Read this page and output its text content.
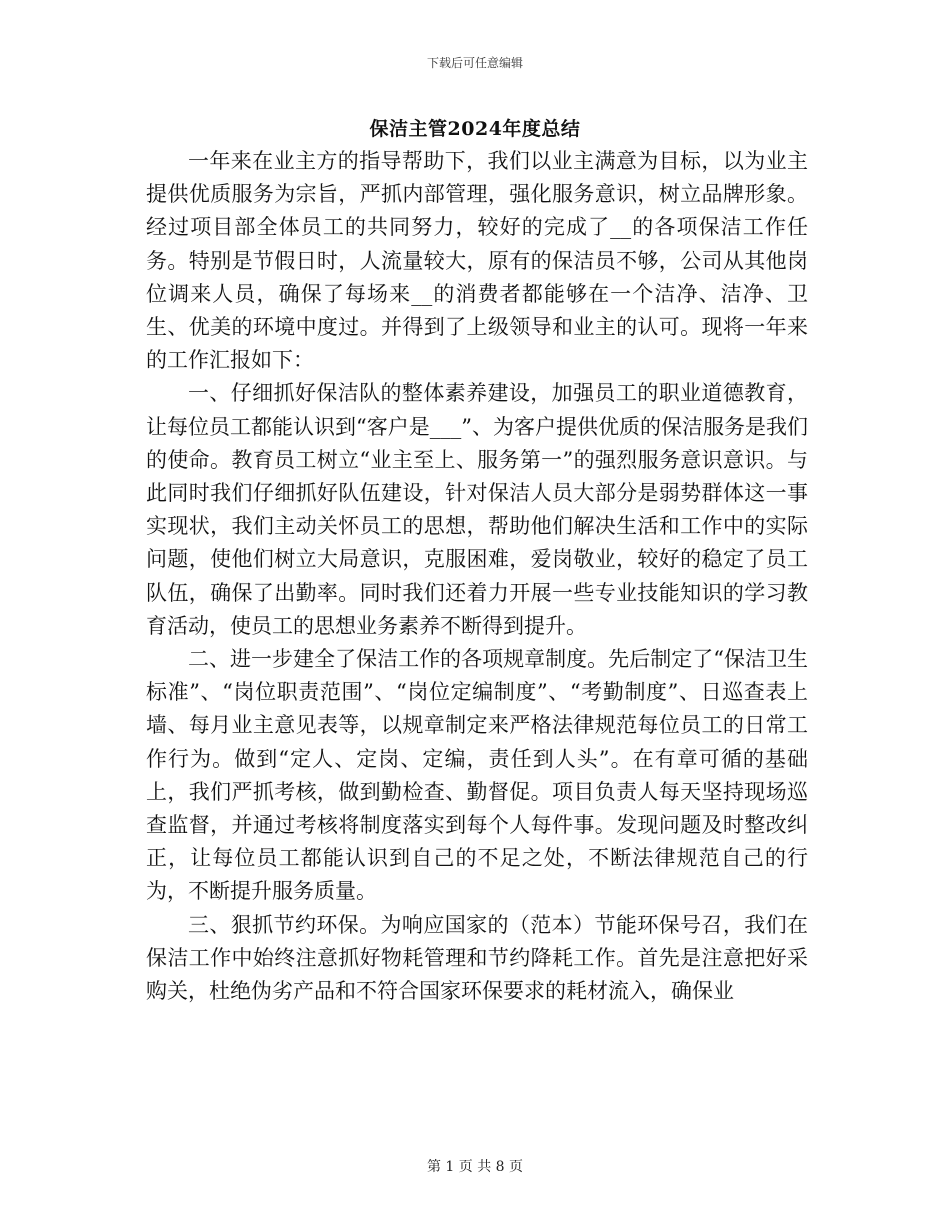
下载后可任意编辑
保洁主管2024年度总结

一年来在业主方的指导帮助下，我们以业主满意为目标，以为业主提供优质服务为宗旨，严抓内部管理，强化服务意识，树立品牌形象。经过项目部全体员工的共同努力，较好的完成了__的各项保洁工作任务。特别是节假日时，人流量较大，原有的保洁员不够，公司从其他岗位调来人员，确保了每场来__的消费者都能够在一个洁净、洁净、卫生、优美的环境中度过。并得到了上级领导和业主的认可。现将一年来的工作汇报如下：

一、仔细抓好保洁队的整体素养建设，加强员工的职业道德教育，让每位员工都能认识到“客户是___”、为客户提供优质的保洁服务是我们的使命。教育员工树立“业主至上、服务第一”的强烈服务意识意识。与此同时我们仔细抓好队伍建设，针对保洁人员大部分是弱势群体这一事实现状，我们主动关怀员工的思想，帮助他们解决生活和工作中的实际问题，使他们树立大局意识，克服困难，爱岗敬业，较好的稳定了员工队伍，确保了出勤率。同时我们还着力开展一些专业技能知识的学习教育活动，使员工的思想业务素养不断得到提升。

二、进一步建全了保洁工作的各项规章制度。先后制定了“保洁卫生标准”、“岗位职责范围”、“岗位定编制度”、“考勤制度”、日巡查表上墙、每月业主意见表等，以规章制定来严格法律规范每位员工的日常工作行为。做到“定人、定岗、定编，责任到人头”。在有章可循的基础上，我们严抓考核，做到勤检查、勤督促。项目负责人每天坚持现场巡查监督，并通过考核将制度落实到每个人每件事。发现问题及时整改纠正，让每位员工都能认识到自己的不足之处，不断法律规范自己的行为，不断提升服务质量。

三、狠抓节约环保。为响应国家的（范本）节能环保号召，我们在保洁工作中始终注意抓好物耗管理和节约降耗工作。首先是注意把好采购关，杜绝伪劣产品和不符合国家环保要求的耗材流入，确保业

第 1 页 共 8 页
